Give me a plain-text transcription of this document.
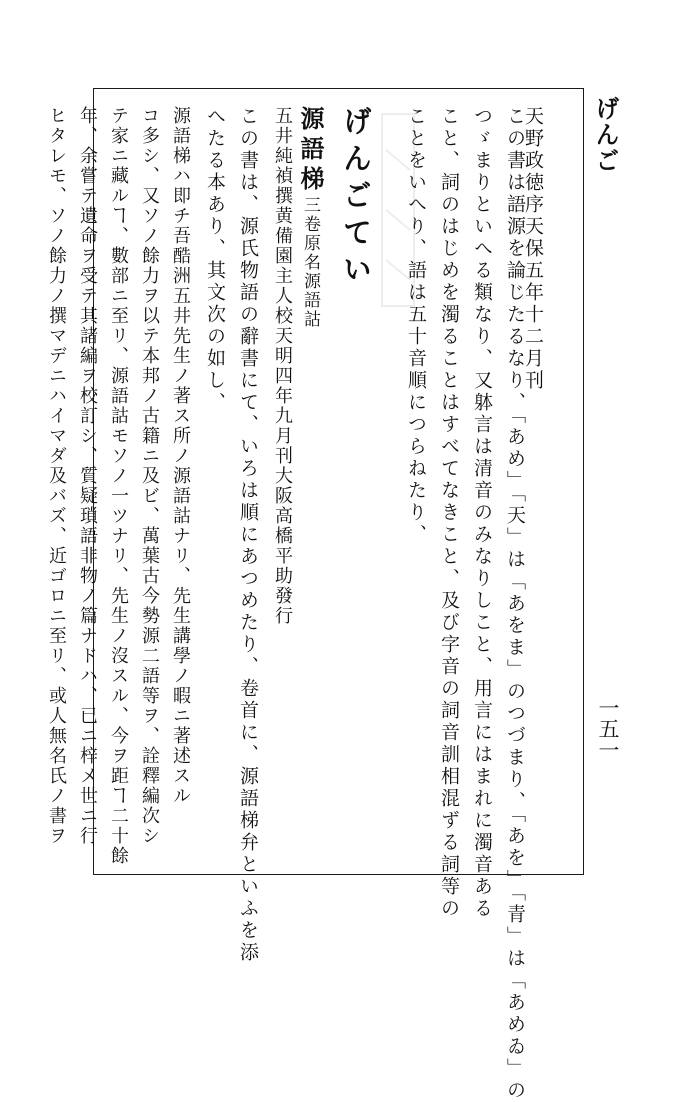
げんご
一五一
天野政徳序天保五年十二月刊
この書は語源を論じたるなり、「あめ」「天」は「あをま」のつづまり、「あを」「青」は「あめゐ」の
つゞまりといへる類なり、又躰言は清音のみなりしこと、用言にはまれに濁音ある
こと、詞のはじめを濁ることはすべてなきこと、及び字音の詞音訓相混ずる詞等の
ことをいへり、語は五十音順につらねたり、
げんごてい
源語梯三卷原名源語詁
五井純禎撰黄備園主人校天明四年九月刊大阪高橋平助發行
この書は、源氏物語の辭書にて、いろは順にあつめたり、卷首に、源語梯弁といふを添
へたる本あり、其文次の如し、
源語梯ハ即チ吾酷洲五井先生ノ著ス所ノ源語詁ナリ、先生講學ノ暇ニ著述スル
コ多シ、又ソノ餘力ヲ以テ本邦ノ古籍ニ及ビ、萬葉古今勢源二語等ヲ、詮釋編次シ
テ家ニ藏ルヿ、數部ニ至リ、源語詁モソノ一ツナリ、先生ノ沒スル、今ヲ距ヿ二十餘
年、余嘗テ遺命ヲ受テ其諸編ヲ校訂シ、質疑瑣語非物ノ篇ナドハ、已ニ梓メ世ニ行
ヒタレモ、ソノ餘力ノ撰マデニハイマダ及バズ、近ゴロニ至リ、或人無名氏ノ書ヲ
